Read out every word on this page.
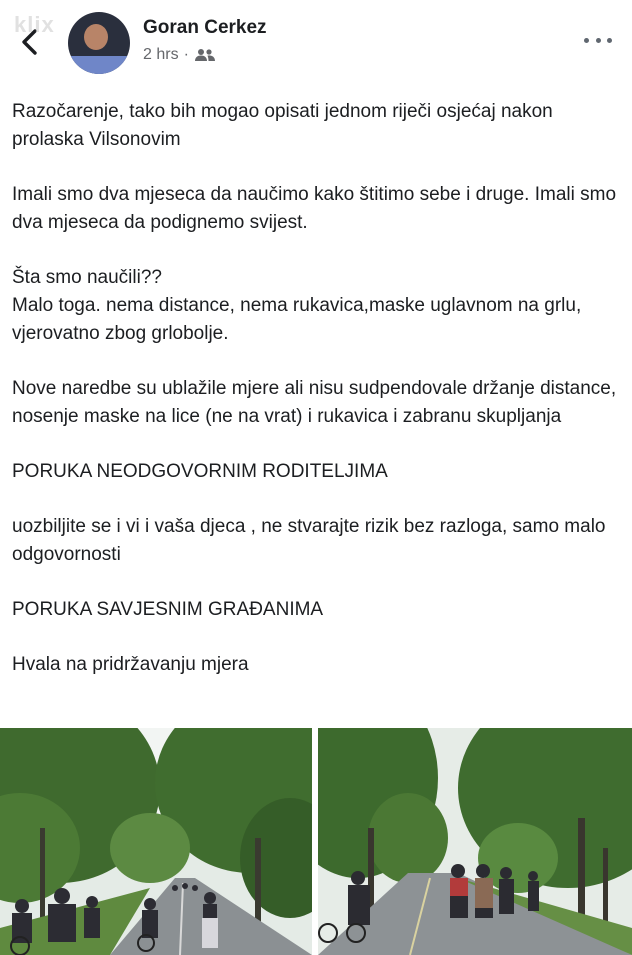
klix	Goran Cerkez
2 hrs ·

Razočarenje, tako bih mogao opisati jednom riječi osjećaj nakon prolaska Vilsonovim

Imali smo dva mjeseca da naučimo kako štitimo sebe i druge. Imali smo dva mjeseca da podignemo svijest.

Šta smo naučili??

Malo toga. nema distance, nema rukavica,maske uglavnom na grlu, vjerovatno zbog grlobolje.

Nove naredbe su ublažile mjere ali nisu sudpendovale držanje distance, nosenje maske na lice (ne na vrat) i rukavica i zabranu skupljanja

PORUKA NEODGOVORNIM RODITELJIMA

uozbiljite se i vi i vaša djeca , ne stvarajte rizik bez razloga, samo malo odgovornosti

PORUKA SAVJESNIM GRAĐANIMA

Hvala na pridržavanju mjera
